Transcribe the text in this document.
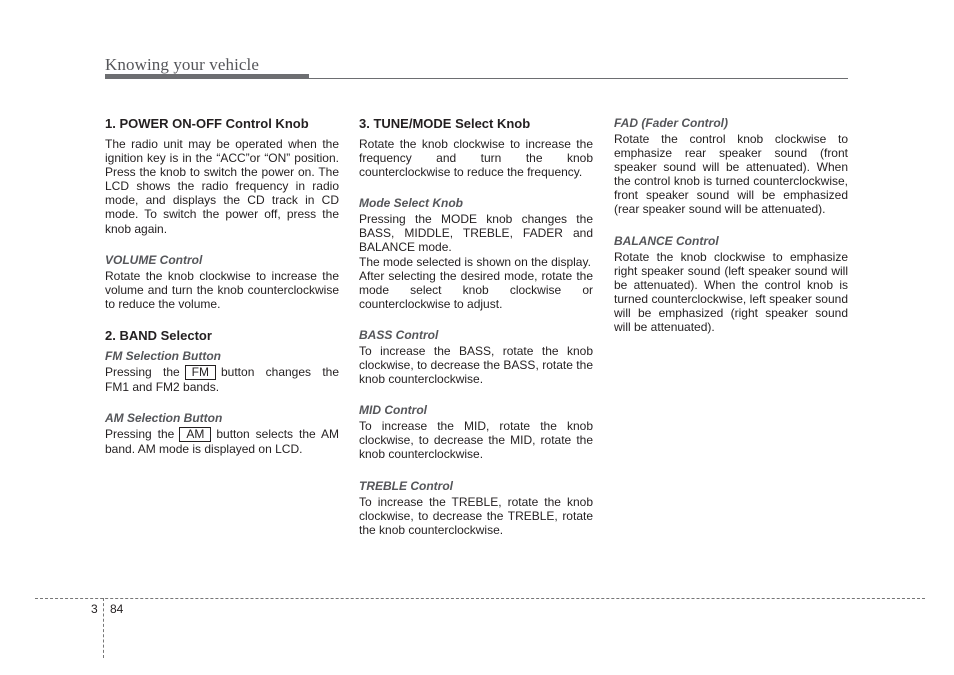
Knowing your vehicle
1. POWER ON-OFF Control Knob

The radio unit may be operated when the ignition key is in the “ACC”or “ON” position. Press the knob to switch the power on. The LCD shows the radio frequency in radio mode, and displays the CD track in CD mode. To switch the power off, press the knob again.

VOLUME Control

Rotate the knob clockwise to increase the volume and turn the knob counterclockwise to reduce the volume.

2. BAND Selector
FM Selection Button

Pressing the FM button changes the FM1 and FM2 bands.

AM Selection Button

Pressing the AM button selects the AM band. AM mode is displayed on LCD.

3. TUNE/MODE Select Knob

Rotate the knob clockwise to increase the frequency and turn the knob counterclockwise to reduce the frequency.

Mode Select Knob

Pressing the MODE knob changes the BASS, MIDDLE, TREBLE, FADER and BALANCE mode.

The mode selected is shown on the display.

After selecting the desired mode, rotate the mode select knob clockwise or counterclockwise to adjust.

BASS Control

To increase the BASS, rotate the knob clockwise, to decrease the BASS, rotate the knob counterclockwise.

MID Control

To increase the MID, rotate the knob clockwise, to decrease the MID, rotate the knob counterclockwise.

TREBLE Control

To increase the TREBLE, rotate the knob clockwise, to decrease the TREBLE, rotate the knob counterclockwise.

FAD (Fader Control)

Rotate the control knob clockwise to emphasize rear speaker sound (front speaker sound will be attenuated). When the control knob is turned counterclockwise, front speaker sound will be emphasized (rear speaker sound will be attenuated).

BALANCE Control

Rotate the knob clockwise to emphasize right speaker sound (left speaker sound will be attenuated). When the control knob is turned counterclockwise, left speaker sound will be emphasized (right speaker sound will be attenuated).

3 84
